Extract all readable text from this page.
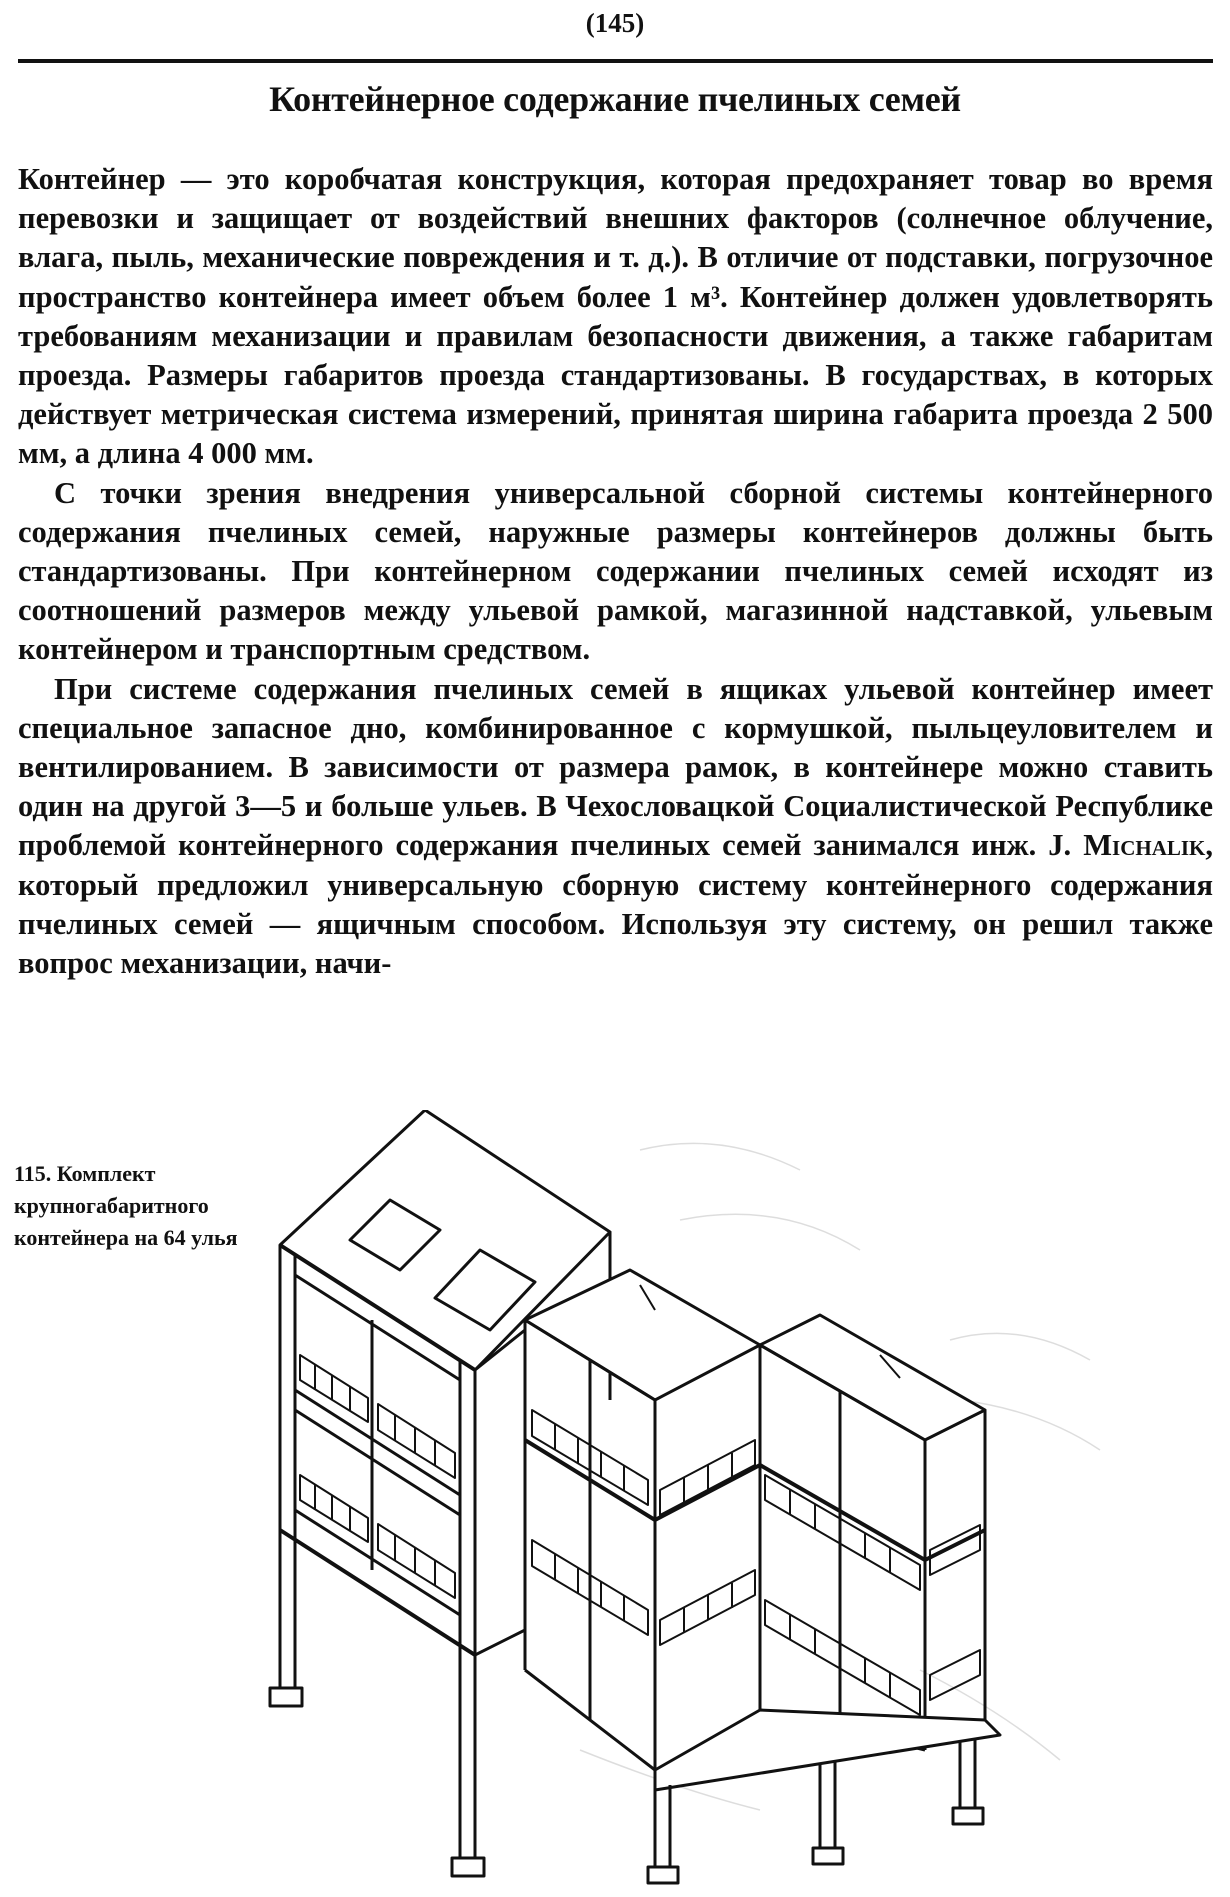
(145)
Контейнерное содержание пчелиных семей

Контейнер — это коробчатая конструкция, которая предохраняет товар во время перевозки и защищает от воздействий внешних факторов (солнечное облучение, влага, пыль, механические повреждения и т. д.). В отличие от подставки, погрузочное пространство контейнера имеет объем более 1 м³. Контейнер должен удовлетворять требованиям механизации и правилам безопасности движения, а также габаритам проезда. Размеры габаритов проезда стандартизованы. В государствах, в которых действует метрическая система измерений, принятая ширина габарита проезда 2 500 мм, а длина 4 000 мм.

С точки зрения внедрения универсальной сборной системы контейнерного содержания пчелиных семей, наружные размеры контейнеров должны быть стандартизованы. При контейнерном содержании пчелиных семей исходят из соотношений размеров между ульевой рамкой, магазинной надставкой, ульевым контейнером и транспортным средством.

При системе содержания пчелиных семей в ящиках ульевой контейнер имеет специальное запасное дно, комбинированное с кормушкой, пыльцеуловителем и вентилированием. В зависимости от размера рамок, в контейнере можно ставить один на другой 3—5 и больше ульев. В Чехословацкой Социалистической Республике проблемой контейнерного содержания пчелиных семей занимался инж. J. Michalik, который предложил универсальную сборную систему контейнерного содержания пчелиных семей — ящичным способом. Используя эту систему, он решил также вопрос механизации, начи-

115. Комплект крупногабаритного контейнера на 64 улья
